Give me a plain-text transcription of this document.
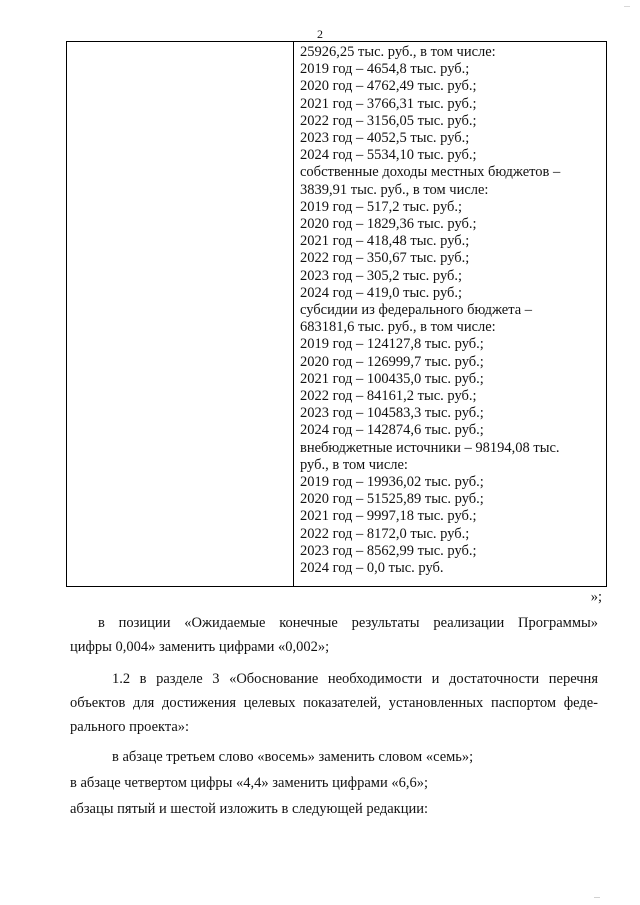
...
2
25926,25 тыс. руб., в том числе:
2019 год – 4654,8 тыс. руб.;
2020 год – 4762,49 тыс. руб.;
2021 год – 3766,31 тыс. руб.;
2022 год – 3156,05 тыс. руб.;
2023 год – 4052,5 тыс. руб.;
2024 год – 5534,10 тыс. руб.;
собственные доходы местных бюджетов –
3839,91 тыс. руб., в том числе:
2019 год – 517,2 тыс. руб.;
2020 год – 1829,36 тыс. руб.;
2021 год – 418,48 тыс. руб.;
2022 год – 350,67 тыс. руб.;
2023 год – 305,2 тыс. руб.;
2024 год – 419,0 тыс. руб.;
субсидии из федерального бюджета –
683181,6 тыс. руб., в том числе:
2019 год – 124127,8 тыс. руб.;
2020 год – 126999,7 тыс. руб.;
2021 год – 100435,0 тыс. руб.;
2022 год – 84161,2 тыс. руб.;
2023 год – 104583,3 тыс. руб.;
2024 год – 142874,6 тыс. руб.;
внебюджетные источники – 98194,08 тыс.
руб., в том числе:
2019 год – 19936,02 тыс. руб.;
2020 год – 51525,89 тыс. руб.;
2021 год – 9997,18 тыс. руб.;
2022 год – 8172,0 тыс. руб.;
2023 год – 8562,99 тыс. руб.;
2024 год – 0,0 тыс. руб.
»;
в позиции «Ожидаемые конечные результаты реализации Программы»
цифры 0,004» заменить цифрами «0,002»;
1.2 в разделе 3 «Обоснование необходимости и достаточности перечня
объектов для достижения целевых показателей, установленных паспортом феде-
рального проекта»:
в абзаце третьем слово «восемь» заменить словом «семь»;
в абзаце четвертом цифры «4,4» заменить цифрами «6,6»;
абзацы пятый и шестой изложить в следующей редакции:
...
